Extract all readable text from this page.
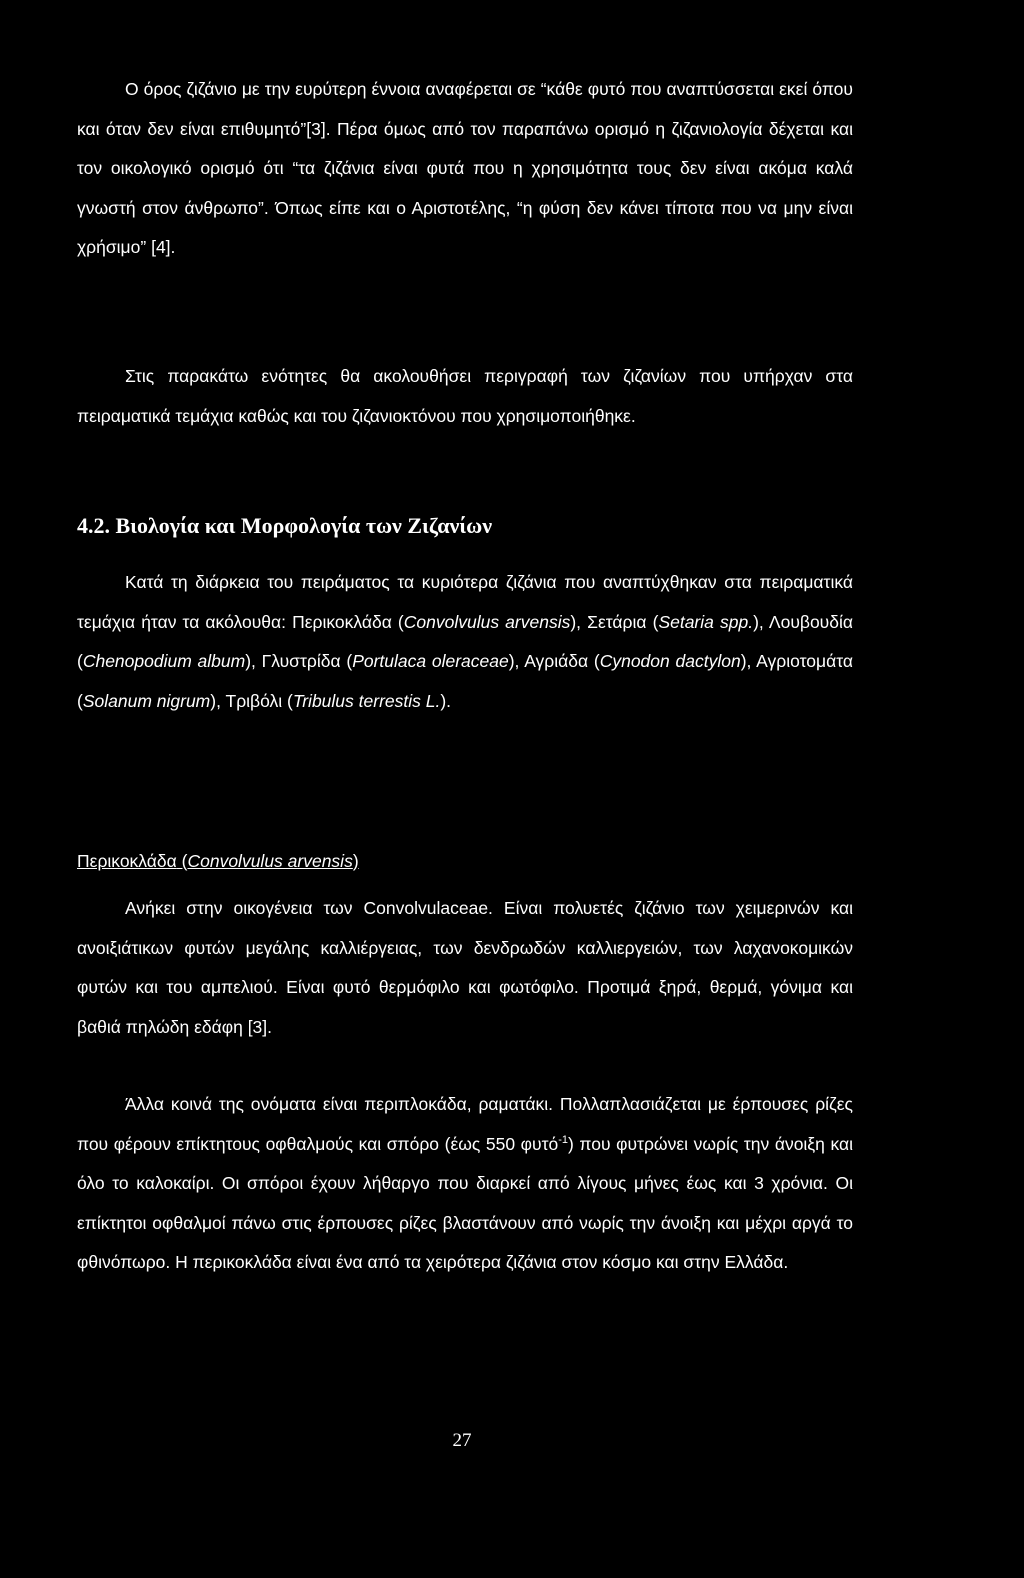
Ο όρος ζιζάνιο με την ευρύτερη έννοια αναφέρεται σε “κάθε φυτό που αναπτύσσεται εκεί όπου και όταν δεν είναι επιθυμητό”[3]. Πέρα όμως από τον παραπάνω ορισμό η ζιζανιολογία δέχεται και τον οικολογικό ορισμό ότι “τα ζιζάνια είναι φυτά που η χρησιμότητα τους δεν είναι ακόμα καλά γνωστή στον άνθρωπο”. Όπως είπε και ο Αριστοτέλης, “η φύση δεν κάνει τίποτα που να μην είναι χρήσιμο” [4].

Στις παρακάτω ενότητες θα ακολουθήσει περιγραφή των ζιζανίων που υπήρχαν στα πειραματικά τεμάχια καθώς και του ζιζανιοκτόνου που χρησιμοποιήθηκε.

4.2. Βιολογία και Μορφολογία των Ζιζανίων

Κατά τη διάρκεια του πειράματος τα κυριότερα ζιζάνια που αναπτύχθηκαν στα πειραματικά τεμάχια ήταν τα ακόλουθα: Περικοκλάδα (Convolvulus arvensis), Σετάρια (Setaria spp.), Λουβουδία (Chenopodium album), Γλυστρίδα (Portulaca oleraceae), Αγριάδα (Cynodon dactylon), Αγριοτομάτα (Solanum nigrum), Τριβόλι (Tribulus terrestis L.).

Περικοκλάδα (Convolvulus arvensis)

Ανήκει στην οικογένεια των Convolvulaceae. Είναι πολυετές ζιζάνιο των χειμερινών και ανοιξιάτικων φυτών μεγάλης καλλιέργειας, των δενδρωδών καλλιεργειών, των λαχανοκομικών φυτών και του αμπελιού. Είναι φυτό θερμόφιλο και φωτόφιλο. Προτιμά ξηρά, θερμά, γόνιμα και βαθιά πηλώδη εδάφη [3].

Άλλα κοινά της ονόματα είναι περιπλοκάδα, ραματάκι. Πολλαπλασιάζεται με έρπουσες ρίζες που φέρουν επίκτητους οφθαλμούς και σπόρο (έως 550 φυτό$^{-1}$) που φυτρώνει νωρίς την άνοιξη και όλο το καλοκαίρι. Οι σπόροι έχουν λήθαργο που διαρκεί από λίγους μήνες έως και 3 χρόνια. Οι επίκτητοι οφθαλμοί πάνω στις έρπουσες ρίζες βλαστάνουν από νωρίς την άνοιξη και μέχρι αργά το φθινόπωρο. Η περικοκλάδα είναι ένα από τα χειρότερα ζιζάνια στον κόσμο και στην Ελλάδα.

27
